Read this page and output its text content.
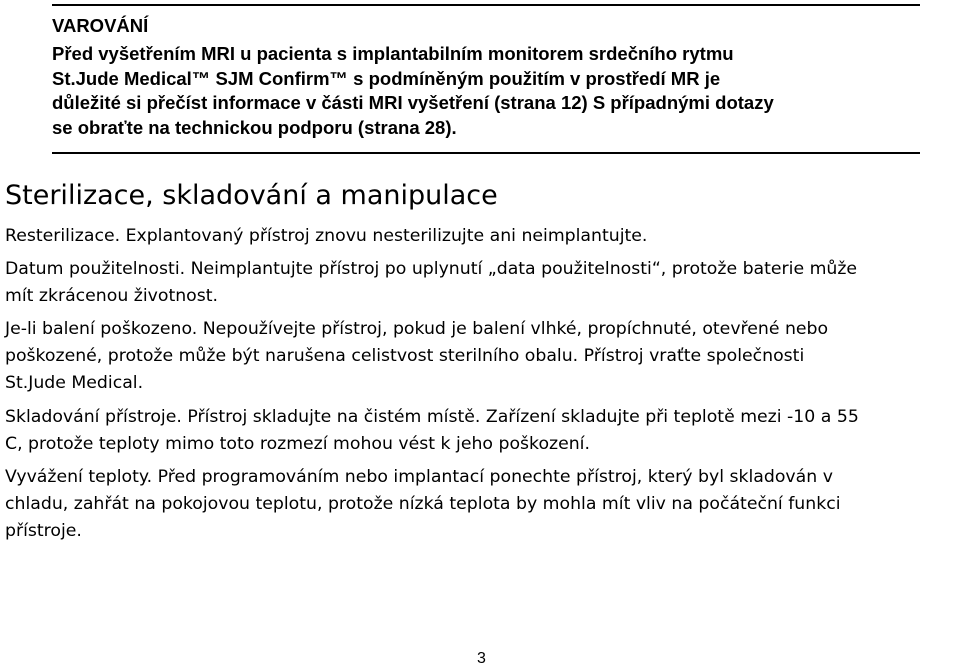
VAROVÁNÍ
Před vyšetřením MRI u pacienta s implantabilním monitorem srdečního rytmu
St.Jude Medical™ SJM Confirm™ s podmíněným použitím v prostředí MR je
důležité si přečíst informace v části MRI vyšetření (strana 12) S případnými dotazy
se obraťte na technickou podporu (strana 28).
Sterilizace, skladování a manipulace

Resterilizace. Explantovaný přístroj znovu nesterilizujte ani neimplantujte.

Datum použitelnosti. Neimplantujte přístroj po uplynutí „data použitelnosti“, protože baterie může
mít zkrácenou životnost.

Je-li balení poškozeno. Nepoužívejte přístroj, pokud je balení vlhké, propíchnuté, otevřené nebo
poškozené, protože může být narušena celistvost sterilního obalu. Přístroj vraťte společnosti
St.Jude Medical.

Skladování přístroje. Přístroj skladujte na čistém místě. Zařízení skladujte při teplotě mezi -10 a 55
C, protože teploty mimo toto rozmezí mohou vést k jeho poškození.

Vyvážení teploty. Před programováním nebo implantací ponechte přístroj, který byl skladován v
chladu, zahřát na pokojovou teplotu, protože nízká teplota by mohla mít vliv na počáteční funkci
přístroje.

3
